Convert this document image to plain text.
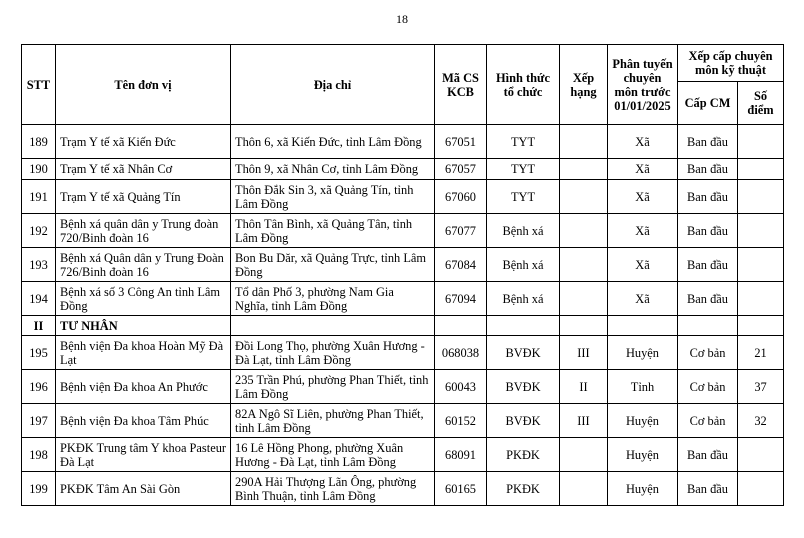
18
STT	Tên đơn vị	Địa chỉ	Mã CS KCB	Hình thức tổ chức	Xếp hạng	Phân tuyến chuyên môn trước 01/01/2025	Xếp cấp chuyên môn kỹ thuật	
							Cấp CM	Số điểm
189	Trạm Y tế xã Kiến Đức	Thôn 6, xã Kiến Đức, tỉnh Lâm Đồng	67051	TYT		Xã	Ban đầu	
190	Trạm Y tế xã Nhân Cơ	Thôn 9, xã Nhân Cơ, tỉnh Lâm Đồng	67057	TYT		Xã	Ban đầu	
191	Trạm Y tế xã Quảng Tín	Thôn Đắk Sin 3, xã Quảng Tín, tỉnh Lâm Đồng	67060	TYT		Xã	Ban đầu	
192	Bệnh xá quân dân y Trung đoàn 720/Binh đoàn 16	Thôn Tân Bình, xã Quảng Tân, tỉnh Lâm Đồng	67077	Bệnh xá		Xã	Ban đầu	
193	Bệnh xá Quân dân y Trung Đoàn 726/Binh đoàn 16	Bon Bu Dăr, xã Quảng Trực, tỉnh Lâm Đồng	67084	Bệnh xá		Xã	Ban đầu	
194	Bệnh xá số 3 Công An tỉnh Lâm Đồng	Tổ dân Phố 3, phường Nam Gia Nghĩa, tỉnh Lâm Đồng	67094	Bệnh xá		Xã	Ban đầu	
II	TƯ NHÂN							
195	Bệnh viện Đa khoa Hoàn Mỹ Đà Lạt	Đồi Long Thọ, phường Xuân Hương - Đà Lạt, tỉnh Lâm Đồng	068038	BVĐK	III	Huyện	Cơ bản	21
196	Bệnh viện Đa khoa An Phước	235 Trần Phú, phường Phan Thiết, tỉnh Lâm Đồng	60043	BVĐK	II	Tỉnh	Cơ bản	37
197	Bệnh viện Đa khoa Tâm Phúc	82A Ngô Sĩ Liên, phường Phan Thiết, tỉnh Lâm Đồng	60152	BVĐK	III	Huyện	Cơ bản	32
198	PKĐK Trung tâm Y khoa Pasteur Đà Lạt	16 Lê Hồng Phong, phường Xuân Hương - Đà Lạt, tỉnh Lâm Đồng	68091	PKĐK		Huyện	Ban đầu	
199	PKĐK Tâm An Sài Gòn	290A Hải Thượng Lãn Ông, phường Bình Thuận, tỉnh Lâm Đồng	60165	PKĐK		Huyện	Ban đầu	
